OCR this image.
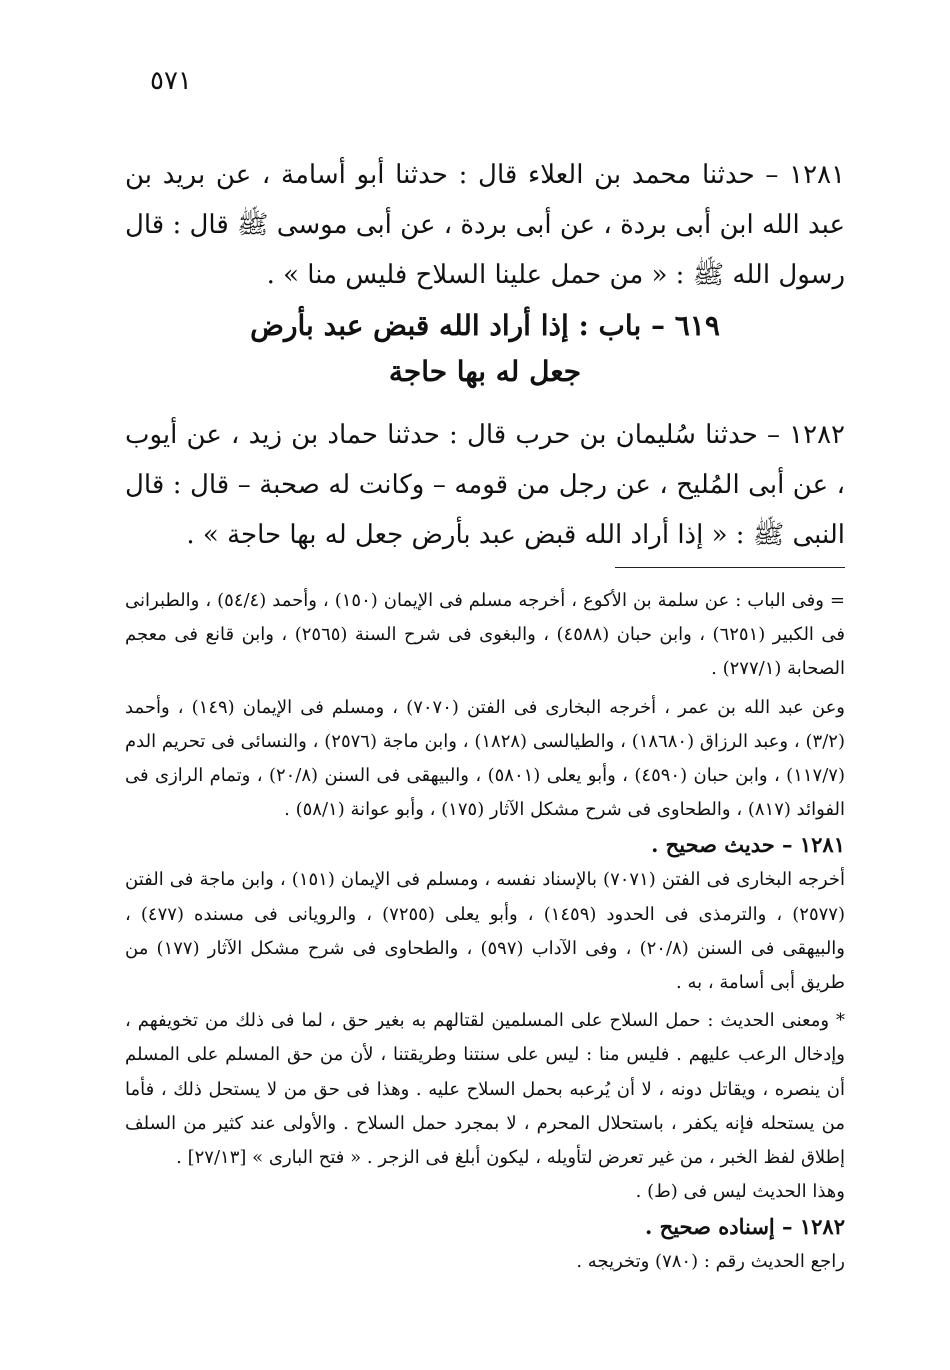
٥٧١

١٢٨١ – حدثنا محمد بن العلاء قال : حدثنا أبو أسامة ، عن بريد بن عبد الله ابن أبى بردة ، عن أبى بردة ، عن أبى موسى ﷺ قال : قال رسول الله ﷺ : « من حمل علينا السلاح فليس منا » .

٦١٩ – باب : إذا أراد الله قبض عبد بأرض
جعل له بها حاجة

١٢٨٢ – حدثنا سُليمان بن حرب قال : حدثنا حماد بن زيد ، عن أيوب ، عن أبى المُليح ، عن رجل من قومه – وكانت له صحبة – قال : قال النبى ﷺ : « إذا أراد الله قبض عبد بأرض جعل له بها حاجة » .

= وفى الباب : عن سلمة بن الأكوع ، أخرجه مسلم فى الإيمان (١٥٠) ، وأحمد (٥٤/٤) ، والطبرانى فى الكبير (٦٢٥١) ، وابن حبان (٤٥٨٨) ، والبغوى فى شرح السنة (٢٥٦٥) ، وابن قانع فى معجم الصحابة (٢٧٧/١) .

وعن عبد الله بن عمر ، أخرجه البخارى فى الفتن (٧٠٧٠) ، ومسلم فى الإيمان (١٤٩) ، وأحمد (٣/٢) ، وعبد الرزاق (١٨٦٨٠) ، والطيالسى (١٨٢٨) ، وابن ماجة (٢٥٧٦) ، والنسائى فى تحريم الدم (١١٧/٧) ، وابن حبان (٤٥٩٠) ، وأبو يعلى (٥٨٠١) ، والبيهقى فى السنن (٢٠/٨) ، وتمام الرازى فى الفوائد (٨١٧) ، والطحاوى فى شرح مشكل الآثار (١٧٥) ، وأبو عوانة (٥٨/١) .

١٢٨١ – حديث صحيح .

أخرجه البخارى فى الفتن (٧٠٧١) بالإسناد نفسه ، ومسلم فى الإيمان (١٥١) ، وابن ماجة فى الفتن (٢٥٧٧) ، والترمذى فى الحدود (١٤٥٩) ، وأبو يعلى (٧٢٥٥) ، والرويانى فى مسنده (٤٧٧) ، والبيهقى فى السنن (٢٠/٨) ، وفى الآداب (٥٩٧) ، والطحاوى فى شرح مشكل الآثار (١٧٧) من طريق أبى أسامة ، به .

* ومعنى الحديث : حمل السلاح على المسلمين لقتالهم به بغير حق ، لما فى ذلك من تخويفهم ، وإدخال الرعب عليهم . فليس منا : ليس على سنتنا وطريقتنا ، لأن من حق المسلم على المسلم أن ينصره ، ويقاتل دونه ، لا أن يُرعبه بحمل السلاح عليه . وهذا فى حق من لا يستحل ذلك ، فأما من يستحله فإنه يكفر ، باستحلال المحرم ، لا بمجرد حمل السلاح . والأولى عند كثير من السلف إطلاق لفظ الخبر ، من غير تعرض لتأويله ، ليكون أبلغ فى الزجر . « فتح البارى » [٢٧/١٣] .

وهذا الحديث ليس فى (ط) .

١٢٨٢ – إسناده صحيح .

راجع الحديث رقم : (٧٨٠) وتخريجه .
